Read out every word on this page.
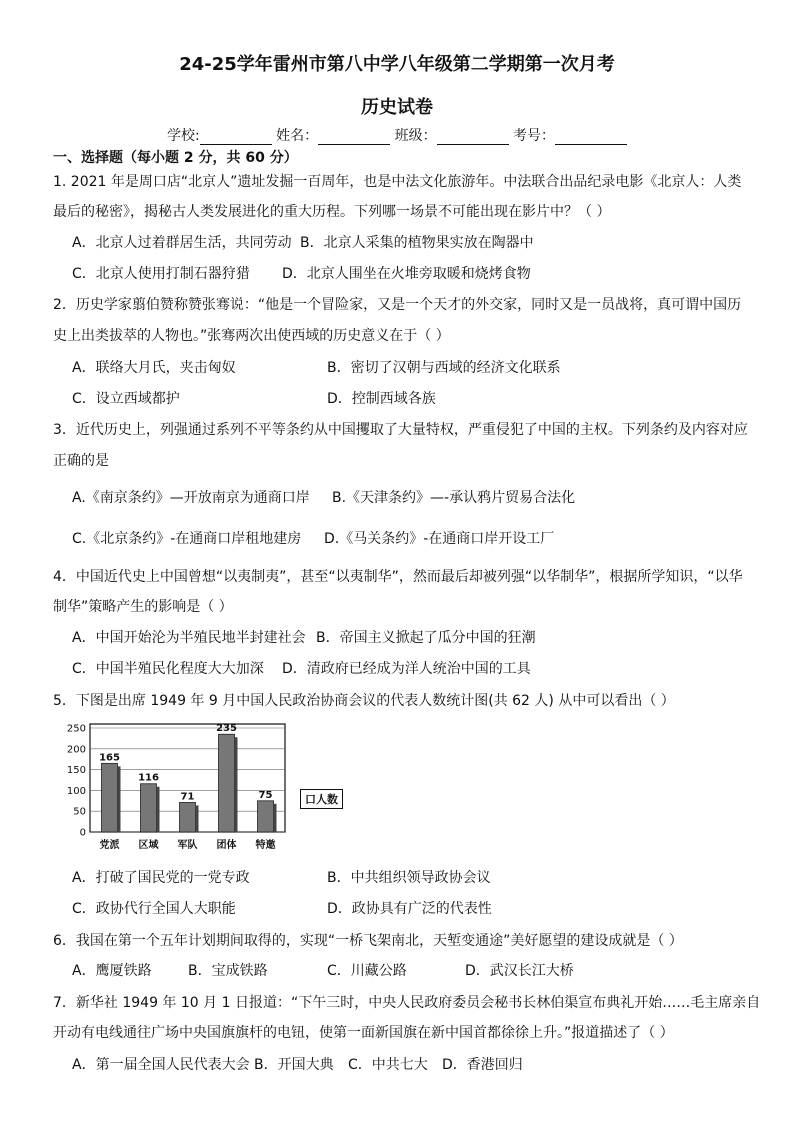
24-25学年雷州市第八中学八年级第二学期第一次月考
历史试卷
学校:	姓名：	班级：	考号：
一、选择题（每小题 2 分，共 60 分）
1. 2021 年是周口店“北京人”遗址发掘一百周年，也是中法文化旅游年。中法联合出品纪录电影《北京人：人类
最后的秘密》，揭秘古人类发展进化的重大历程。下列哪一场景不可能出现在影片中？（ ）
A．北京人过着群居生活，共同劳动 B．北京人采集的植物果实放在陶器中
C．北京人使用打制石器狩猎 D．北京人围坐在火堆旁取暖和烧烤食物
2．历史学家翦伯赞称赞张骞说：“他是一个冒险家，又是一个天才的外交家，同时又是一员战将，真可谓中国历
史上出类拔萃的人物也。”张骞两次出使西域的历史意义在于（ ）
A．联络大月氏，夹击匈奴	B．密切了汉朝与西域的经济文化联系
C．设立西域都护	D．控制西域各族
3．近代历史上，列强通过系列不平等条约从中国攫取了大量特权，严重侵犯了中国的主权。下列条约及内容对应
正确的是
A.《南京条约》—开放南京为通商口岸 B.《天津条约》—-承认鸦片贸易合法化
C.《北京条约》-在通商口岸租地建房 D.《马关条约》-在通商口岸开设工厂
4．中国近代史上中国曾想“以夷制夷”，甚至“以夷制华”，然而最后却被列强“以华制华”，根据所学知识，“以华
制华”策略产生的影响是（ ）
A．中国开始沦为半殖民地半封建社会 B．帝国主义掀起了瓜分中国的狂潮
C．中国半殖民化程度大大加深 D．清政府已经成为洋人统治中国的工具
5．下图是出席 1949 年 9 月中国人民政治协商会议的代表人数统计图(共 62 人) 从中可以看出（ ）
0
50
100
150
200
250
165
党派
116
区域
71
军队
235
团体
75
特邀
口人数
A．打破了国民党的一党专政	B．中共组织领导政协会议
C．政协代行全国人大职能	D．政协具有广泛的代表性
6．我国在第一个五年计划期间取得的，实现“一桥飞架南北，天堑变通途”美好愿望的建设成就是（ ）
A．鹰厦铁路	B．宝成铁路	C．川藏公路	D．武汉长江大桥
7．新华社 1949 年 10 月 1 日报道：“下午三时，中央人民政府委员会秘书长林伯渠宣布典礼开始……毛主席亲自
开动有电线通往广场中央国旗旗杆的电钮，使第一面新国旗在新中国首都徐徐上升。”报道描述了（ ）
A．第一届全国人民代表大会 B．开国大典 C．中共七大 D．香港回归
